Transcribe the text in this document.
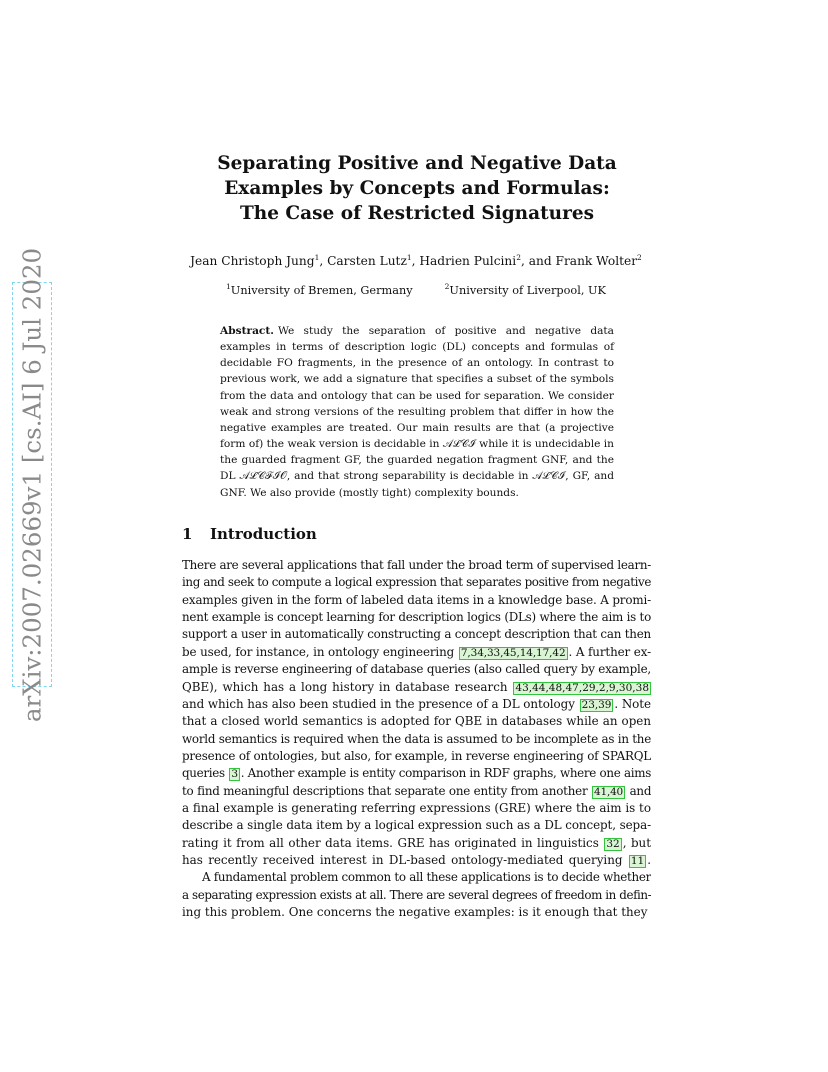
arXiv:2007.02669v1 [cs.AI] 6 Jul 2020
Separating Positive and Negative Data
Examples by Concepts and Formulas:
The Case of Restricted Signatures
Jean Christoph Jung$^1$, Carsten Lutz$^1$, Hadrien Pulcini$^2$, and Frank Wolter$^2$
$^1$University of Bremen, Germany	$^2$University of Liverpool, UK
Abstract. We study the separation of positive and negative data examples in terms of description logic (DL) concepts and formulas of decidable FO fragments, in the presence of an ontology. In contrast to previous work, we add a signature that specifies a subset of the symbols from the data and ontology that can be used for separation. We consider weak and strong versions of the resulting problem that differ in how the negative examples are treated. Our main results are that (a projective form of) the weak version is decidable in 𝒜ℒ𝒞ℐ while it is undecidable in the guarded fragment GF, the guarded negation fragment GNF, and the DL 𝒜ℒ𝒞ℱℐ𝒪, and that strong separability is decidable in 𝒜ℒ𝒞ℐ, GF, and GNF. We also provide (mostly tight) complexity bounds.
1 Introduction
There are several applications that fall under the broad term of supervised learn-
ing and seek to compute a logical expression that separates positive from negative
examples given in the form of labeled data items in a knowledge base. A promi-
nent example is concept learning for description logics (DLs) where the aim is to
support a user in automatically constructing a concept description that can then
be used, for instance, in ontology engineering 7,34,33,45,14,17,42 . A further ex-
ample is reverse engineering of database queries (also called query by example,
QBE), which has a long history in database research 43,44,48,47,29,2,9,30,38
and which has also been studied in the presence of a DL ontology 23,39 . Note
that a closed world semantics is adopted for QBE in databases while an open
world semantics is required when the data is assumed to be incomplete as in the
presence of ontologies, but also, for example, in reverse engineering of SPARQL
queries 3 . Another example is entity comparison in RDF graphs, where one aims
to find meaningful descriptions that separate one entity from another 41,40 and
a final example is generating referring expressions (GRE) where the aim is to
describe a single data item by a logical expression such as a DL concept, sepa-
rating it from all other data items. GRE has originated in linguistics 32 , but
has recently received interest in DL-based ontology-mediated querying 11 .
A fundamental problem common to all these applications is to decide whether
a separating expression exists at all. There are several degrees of freedom in defin-
ing this problem. One concerns the negative examples: is it enough that they
